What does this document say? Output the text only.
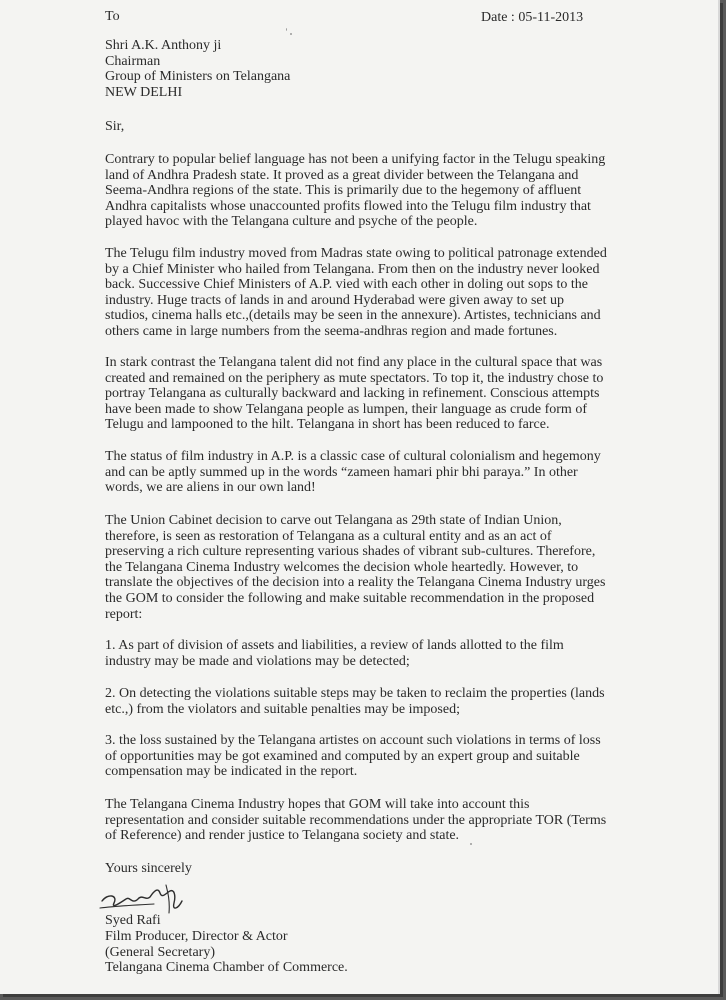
To	Date : 05-11-2013
Shri A.K. Anthony ji
Chairman
Group of Ministers on Telangana
NEW DELHI
Sir,
Contrary to popular belief language has not been a unifying factor in the Telugu speaking
land of Andhra Pradesh state. It proved as a great divider between the Telangana and
Seema-Andhra regions of the state. This is primarily due to the hegemony of affluent
Andhra capitalists whose unaccounted profits flowed into the Telugu film industry that
played havoc with the Telangana culture and psyche of the people.
The Telugu film industry moved from Madras state owing to political patronage extended
by a Chief Minister who hailed from Telangana. From then on the industry never looked
back. Successive Chief Ministers of A.P. vied with each other in doling out sops to the
industry. Huge tracts of lands in and around Hyderabad were given away to set up
studios, cinema halls etc.,(details may be seen in the annexure). Artistes, technicians and
others came in large numbers from the seema-andhras region and made fortunes.
In stark contrast the Telangana talent did not find any place in the cultural space that was
created and remained on the periphery as mute spectators. To top it, the industry chose to
portray Telangana as culturally backward and lacking in refinement. Conscious attempts
have been made to show Telangana people as lumpen, their language as crude form of
Telugu and lampooned to the hilt. Telangana in short has been reduced to farce.
The status of film industry in A.P. is a classic case of cultural colonialism and hegemony
and can be aptly summed up in the words “zameen hamari phir bhi paraya.” In other
words, we are aliens in our own land!
The Union Cabinet decision to carve out Telangana as 29th state of Indian Union,
therefore, is seen as restoration of Telangana as a cultural entity and as an act of
preserving a rich culture representing various shades of vibrant sub-cultures. Therefore,
the Telangana Cinema Industry welcomes the decision whole heartedly. However, to
translate the objectives of the decision into a reality the Telangana Cinema Industry urges
the GOM to consider the following and make suitable recommendation in the proposed
report:
1. As part of division of assets and liabilities, a review of lands allotted to the film
industry may be made and violations may be detected;
2. On detecting the violations suitable steps may be taken to reclaim the properties (lands
etc.,) from the violators and suitable penalties may be imposed;
3. the loss sustained by the Telangana artistes on account such violations in terms of loss
of opportunities may be got examined and computed by an expert group and suitable
compensation may be indicated in the report.
The Telangana Cinema Industry hopes that GOM will take into account this
representation and consider suitable recommendations under the appropriate TOR (Terms
of Reference) and render justice to Telangana society and state.
Yours sincerely
Syed Rafi
Film Producer, Director & Actor
(General Secretary)
Telangana Cinema Chamber of Commerce.
